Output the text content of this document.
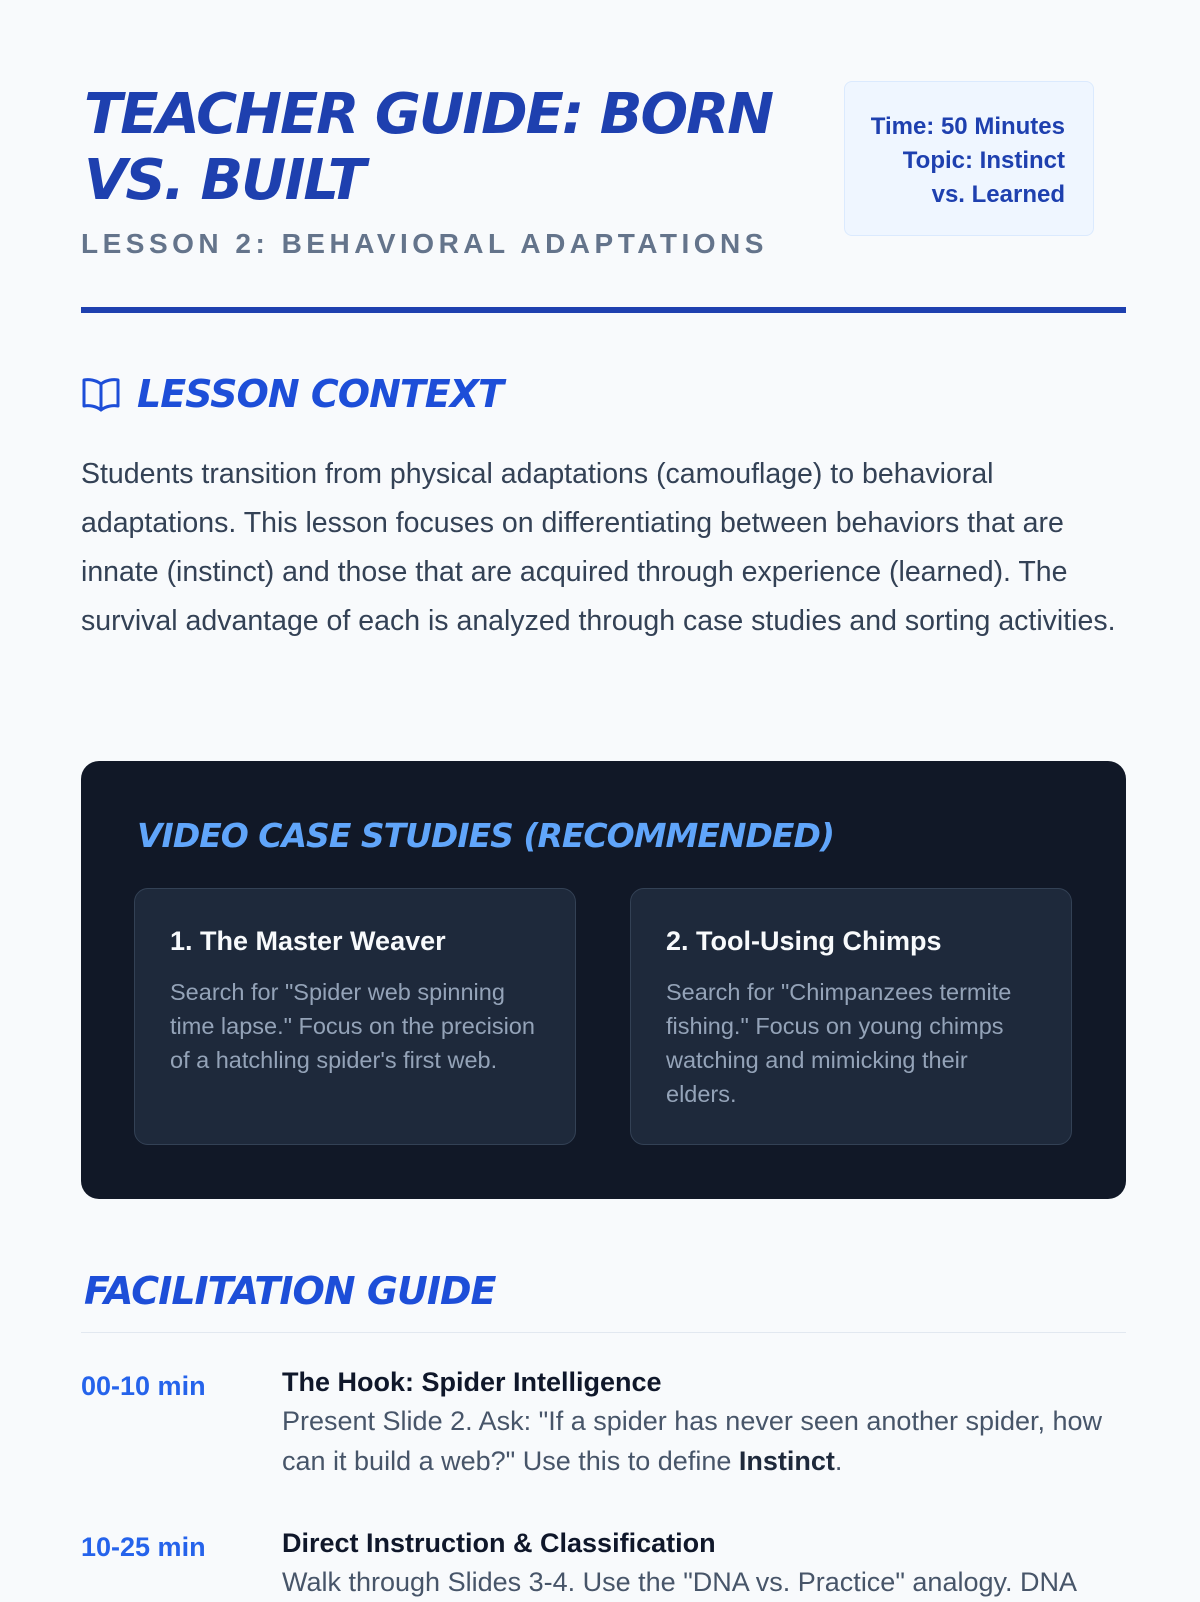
TEACHER GUIDE: BORN VS. BUILT

LESSON 2: BEHAVIORAL ADAPTATIONS

Time: 50 Minutes
Topic: Instinct vs. Learned
LESSON CONTEXT

Students transition from physical adaptations (camouflage) to behavioral adaptations. This lesson focuses on differentiating between behaviors that are innate (instinct) and those that are acquired through experience (learned). The survival advantage of each is analyzed through case studies and sorting activities.

VIDEO CASE STUDIES (RECOMMENDED)
1. The Master Weaver

Search for "Spider web spinning time lapse." Focus on the precision of a hatchling spider's first web.

2. Tool-Using Chimps

Search for "Chimpanzees termite fishing." Focus on young chimps watching and mimicking their elders.

FACILITATION GUIDE
00-10 min	The Hook: Spider Intelligence

Present Slide 2. Ask: "If a spider has never seen another spider, how can it build a web?" Use this to define Instinct.

10-25 min	Direct Instruction & Classification

Walk through Slides 3-4. Use the "DNA vs. Practice" analogy. DNA
